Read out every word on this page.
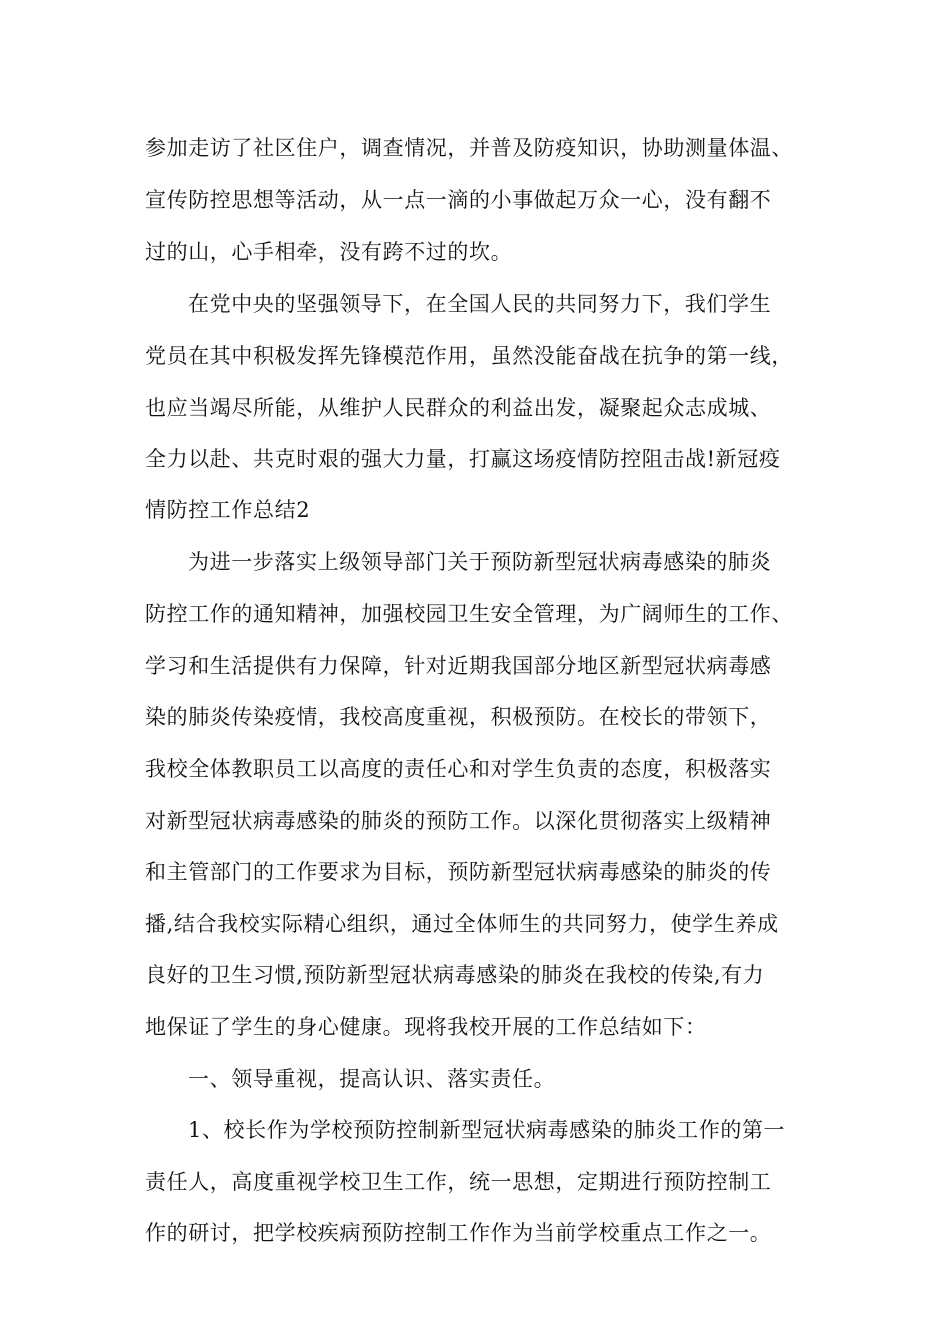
参加走访了社区住户，调查情况，并普及防疫知识，协助测量体温、
宣传防控思想等活动，从一点一滴的小事做起万众一心，没有翻不
过的山，心手相牵，没有跨不过的坎。
在党中央的坚强领导下，在全国人民的共同努力下，我们学生
党员在其中积极发挥先锋模范作用，虽然没能奋战在抗争的第一线，
也应当竭尽所能，从维护人民群众的利益出发，凝聚起众志成城、
全力以赴、共克时艰的强大力量，打赢这场疫情防控阻击战!新冠疫
情防控工作总结2
为进一步落实上级领导部门关于预防新型冠状病毒感染的肺炎
防控工作的通知精神，加强校园卫生安全管理，为广阔师生的工作、
学习和生活提供有力保障，针对近期我国部分地区新型冠状病毒感
染的肺炎传染疫情，我校高度重视，积极预防。在校长的带领下，
我校全体教职员工以高度的责任心和对学生负责的态度，积极落实
对新型冠状病毒感染的肺炎的预防工作。以深化贯彻落实上级精神
和主管部门的工作要求为目标，预防新型冠状病毒感染的肺炎的传
播,结合我校实际精心组织，通过全体师生的共同努力，使学生养成
良好的卫生习惯,预防新型冠状病毒感染的肺炎在我校的传染,有力
地保证了学生的身心健康。现将我校开展的工作总结如下：
一、领导重视，提高认识、落实责任。
1、校长作为学校预防控制新型冠状病毒感染的肺炎工作的第一
责任人，高度重视学校卫生工作，统一思想，定期进行预防控制工
作的研讨，把学校疾病预防控制工作作为当前学校重点工作之一。
